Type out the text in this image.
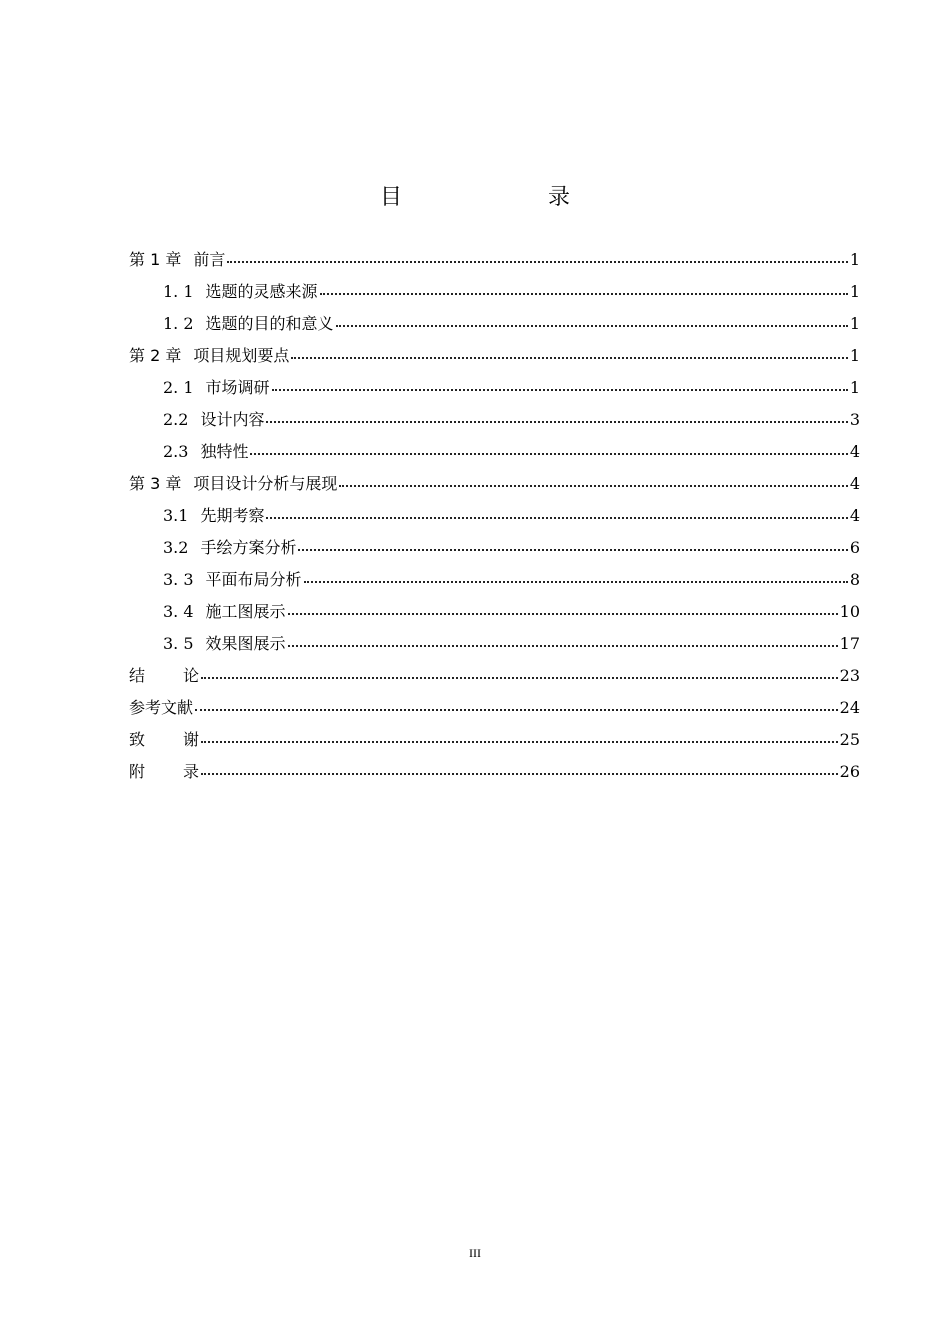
目　　录
第 1 章 前言	1
1. 1 选题的灵感来源	1
1. 2 选题的目的和意义	1
第 2 章 项目规划要点	1
2. 1 市场调研	1
2.2 设计内容	3
2.3 独特性	4
第 3 章 项目设计分析与展现	4
3.1 先期考察	4
3.2 手绘方案分析	6
3. 3 平面布局分析	8
3. 4 施工图展示	10
3. 5 效果图展示	17
结 论	23
参考文献	24
致 谢	25
附 录	26
III
